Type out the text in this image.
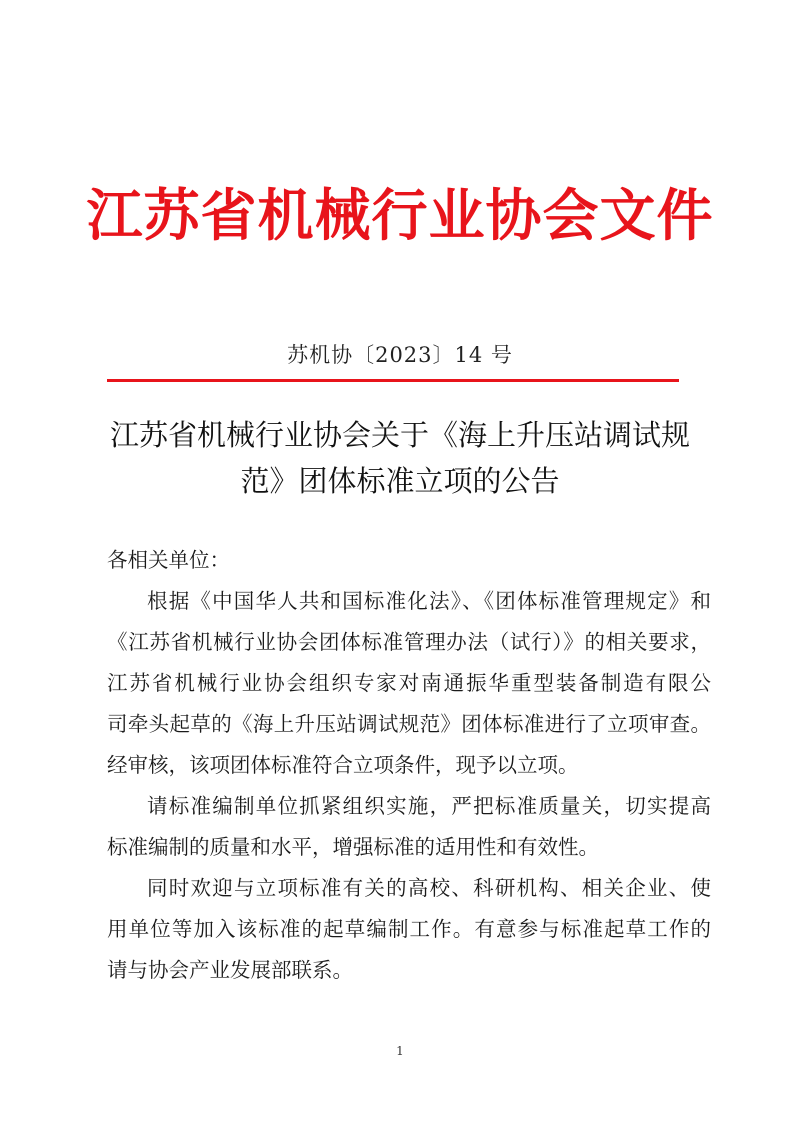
江苏省机械行业协会文件
苏机协〔2023〕14 号
江苏省机械行业协会关于《海上升压站调试规
范》团体标准立项的公告
各相关单位：
根据《中国华人共和国标准化法》、《团体标准管理规定》和
《江苏省机械行业协会团体标准管理办法（试行）》的相关要求，
江苏省机械行业协会组织专家对南通振华重型装备制造有限公
司牵头起草的《海上升压站调试规范》团体标准进行了立项审查。
经审核，该项团体标准符合立项条件，现予以立项。
请标准编制单位抓紧组织实施，严把标准质量关，切实提高
标准编制的质量和水平，增强标准的适用性和有效性。
同时欢迎与立项标准有关的高校、科研机构、相关企业、使
用单位等加入该标准的起草编制工作。有意参与标准起草工作的
请与协会产业发展部联系。
1
